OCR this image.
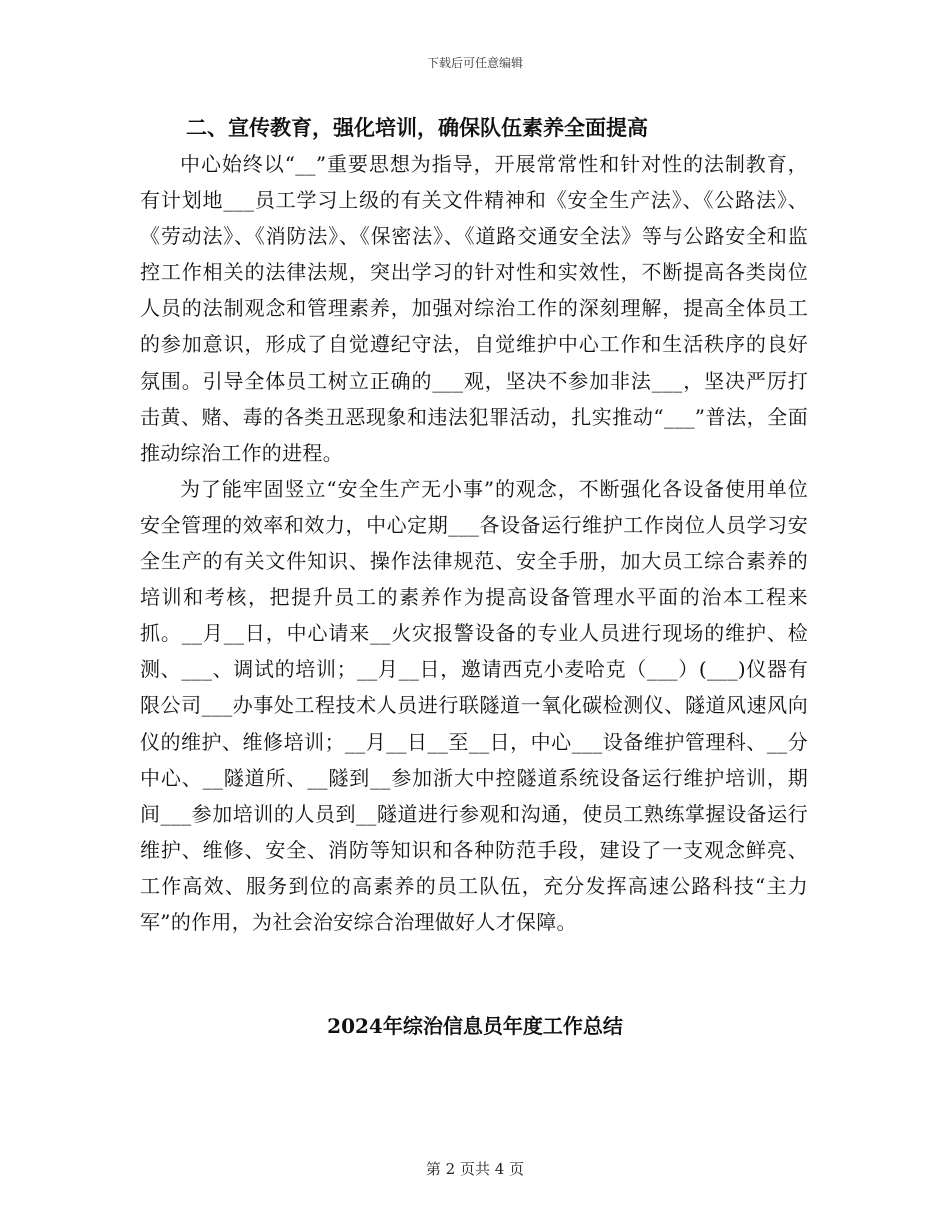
下载后可任意编辑
二、宣传教育，强化培训，确保队伍素养全面提高

中心始终以“__”重要思想为指导，开展常常性和针对性的法制教育，有计划地___员工学习上级的有关文件精神和《安全生产法》、《公路法》、《劳动法》、《消防法》、《保密法》、《道路交通安全法》等与公路安全和监控工作相关的法律法规，突出学习的针对性和实效性，不断提高各类岗位人员的法制观念和管理素养，加强对综治工作的深刻理解，提高全体员工的参加意识，形成了自觉遵纪守法，自觉维护中心工作和生活秩序的良好氛围。引导全体员工树立正确的___观，坚决不参加非法___，坚决严厉打击黄、赌、毒的各类丑恶现象和违法犯罪活动，扎实推动“___”普法，全面推动综治工作的进程。

为了能牢固竖立“安全生产无小事”的观念，不断强化各设备使用单位安全管理的效率和效力，中心定期___各设备运行维护工作岗位人员学习安全生产的有关文件知识、操作法律规范、安全手册，加大员工综合素养的培训和考核，把提升员工的素养作为提高设备管理水平面的治本工程来抓。__月__日，中心请来__火灾报警设备的专业人员进行现场的维护、检测、___、调试的培训；__月__日，邀请西克小麦哈克（___）(___)仪器有限公司___办事处工程技术人员进行联隧道一氧化碳检测仪、隧道风速风向仪的维护、维修培训；__月__日__至__日，中心___设备维护管理科、__分中心、__隧道所、__隧到__参加浙大中控隧道系统设备运行维护培训，期间___参加培训的人员到__隧道进行参观和沟通，使员工熟练掌握设备运行维护、维修、安全、消防等知识和各种防范手段，建设了一支观念鲜亮、工作高效、服务到位的高素养的员工队伍，充分发挥高速公路科技“主力军”的作用，为社会治安综合治理做好人才保障。

2024年综治信息员年度工作总结
第 2 页共 4 页
